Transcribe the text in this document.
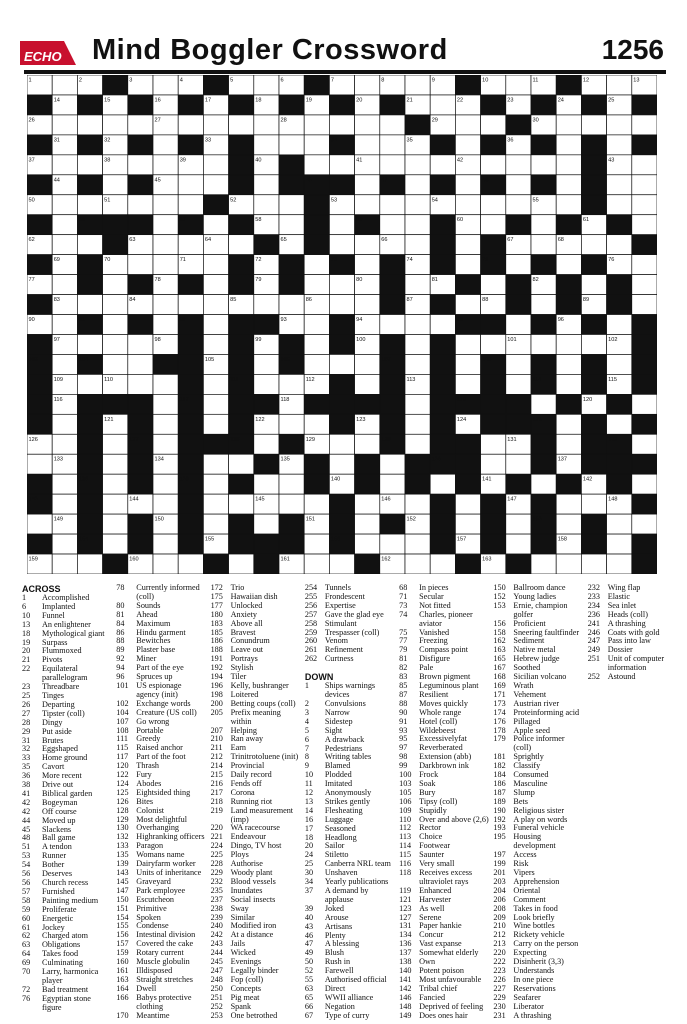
ECHO Mind Boggler Crossword	1256
1	2	3	4	5	6	7	8	9	10	11	12	13
14	15	16	17	18	19	20	21	22	23	24	25
26	27	28	29	30
31	32	33	34	35	36
37	38	39	40	41	42	43
44	45	46	47	48	49
50	51	52	53	54	55
56	57	58	59	60	61
62	63	64	65	66	67	68
69	70	71	72	73	74	75	76
77	78	79	80	81	82
83	84	85	86	87	88	89
90	91	92	93	94	95	96
97	98	99	100	101	102
103	104	105	106	107	108
109	110	111	112	113	114	115
116	117	118	119	120
121	122	123	124	125
126	127	128	129	130	131	132
133	134	135	136	137
138	139	140	141	142
143	144	145	146	147	148
149	150	151	152	153
154	155	156	157	158
159	160	161	162	163
ACROSS
1	Accomplished
6	Implanted
10	Funnel
13	An enlightener
18	Mythological giant
19	Surpass
20	Flummoxed
21	Pivots
22	Equilateral parallelogram
23	Threadbare
25	Tinges
26	Departing
27	Tipster (coll)
28	Dingy
29	Put aside
31	Brutes
32	Eggshaped
33	Home ground
35	Cavort
36	More recent
38	Drive out
41	Biblical garden
42	Bogeyman
42	Off course
44	Moved up
45	Slackens
48	Ball game
51	A tendon
53	Runner
54	Bother
56	Deserves
56	Church recess
57	Furnished
58	Painting medium
59	Proliferate
60	Energetic
61	Jockey
62	Charged atom
63	Obligations
64	Takes food
69	Culminating
70	Larry, harmonica player
72	Bad treatment
76	Egyptian stone figure
78	Currently informed (coll)
80	Sounds
81	Ahead
84	Maximum
86	Hindu garment
88	Bewitches
89	Plaster base
92	Miner
94	Part of the eye
96	Spruces up
101 US espionage agency (init)
102 Exchange words
104 Creature (US coll)
107 Go wrong
108 Portable
111	Greedy
115 Raised anchor
117 Part of the foot
120 Thrash
122 Fury
124 Abodes
125 Eightsided thing
126 Bites
128 Colonist
129 Most delightful
130 Overhanging
132 Highranking officers
133 Paragon
135 Womans name
139 Dairyfarm worker
143 Units of inheritance
145 Graveyard
147 Park employee
150 Escutcheon
151 Primitive
154 Spoken
155 Condense
156 Intestinal division
157 Covered the cake
159 Rotary current
160 Muscle globulin
161 Illdisposed
163 Straight stretches
164 Dwell
166 Babys protective clothing
170 Meantime
172 Trio
175 Hawaiian dish
177 Unlocked
180 Anxiety
183 Above all
185 Bravest
186 Conundrum
188 Leave out
191 Portrays
192 Stylish
194 Tiler
196 Kelly, bushranger
198 Loitered
200 Betting coups (coll)
205 Prefix meaning within
207 Helping
210 Ran away
211 Earn
212 Trinitrotoluene (init)
214 Provincial
215 Daily record
216 Fends off
217 Corona
218 Running riot
219 Land measurement (imp)
220 WA racecourse
221 Endeavour
224 Dingo, TV host
225 Ploys
228 Authorise
229 Woody plant
232 Blood vessels
235 Inundates
237 Social insects
238 Sway
239 Similar
240 Modified iron
242 At a distance
243 Jails
244 Wicked
245 Evenings
247 Legally binder
248 Fop (coll)
250 Concepts
251 Pig meat
252 Spank
253 One betrothed
254 Tunnels
255 Frondescent
256 Expertise
257 Gave the glad eye
258 Stimulant
259 Trespasser (coll)
260 Venom
261 Refinement
262 Curtness
DOWN
1	Ships warnings devices
2	Convulsions
3	Narrow
4	Sidestep
5	Sight
6	A drawback
7	Pedestrians
8	Writing tables
9	Blamed
10	Plodded
11	Imitated
12	Anonymously
13	Strikes gently
14	Flesheating
16	Luggage
17	Seasoned
18	Headlong
20	Sailor
24	Stiletto
25	Canberra NRL team
30	Unshaven
34	Yearly publications
37	A demand by applause
39	Joked
40	Arouse
43	Artisans
46	Plenty
47	A blessing
49	Blush
50	Rush in
52	Farewell
55	Authorised official
63	Direct
65	WWII alliance
66	Negation
67	Type of curry
68	In pieces
71	Secular
73	Not fitted
74	Charles, pioneer aviator
75	Vanished
77	Freezing
79	Compass point
81	Disfigure
82	Pale
83	Brown pigment
85	Leguminous plant
87	Resilient
88	Moves quickly
90	Whole range
91	Hotel (coll)
93	Wildebeest
95	Excessivelyfat
97	Reverberated
98	Extension (abb)
99	Darkbrown ink
100 Frock
103 Soak
105 Bury
106 Tipsy (coll)
109 Stupidly
110 Over and above (2,6)
112 Rector
113 Choice
114 Footwear
115 Saunter
116 Very small
118 Receives excess ultraviolet rays
119 Enhanced
121 Harvester
123 As well
127 Serene
131 Paper hankie
134 Concur
136 Vast expanse
137 Somewhat elderly
138 Own
140 Potent poison
141 Most unfavourable
142 Tribal chief
146 Fancied
148 Deprived of feeling
149 Does ones hair
150 Ballroom dance
152 Young ladies
153 Ernie, champion golfer
156 Proficient
158 Sneering faultfinder
162 Sediment
163 Native metal
165 Hebrew judge
167 Soothed
168 Sicilian volcano
169 Wrath
171 Vehement
173 Austrian river
174 Proteinforming acid
176 Pillaged
178 Apple seed
179 Police informer (coll)
181 Sprightly
182 Classify
184 Consumed
186 Masculine
187 Slump
189 Bets
190 Religious sister
192 A play on words
193 Funeral vehicle
195 Housing development
197 Access
199 Risk
201 Vipers
203 Apprehension
204 Oriental
206 Comment
208 Takes in food
209 Look briefly
210 Wine bottles
212 Rickety vehicle
213 Carry on the person
220 Expecting
222 Disinherit (3,3)
223 Understands
226 In one piece
227 Reservations
229 Seafarer
230 Liberator
231 A thrashing
232 Wing flap
233 Elastic
234 Sea inlet
236 Heads (coll)
241 A thrashing
246 Coats with gold
247 Pass into law
249 Dossier
251 Unit of computer information
252 Astound
